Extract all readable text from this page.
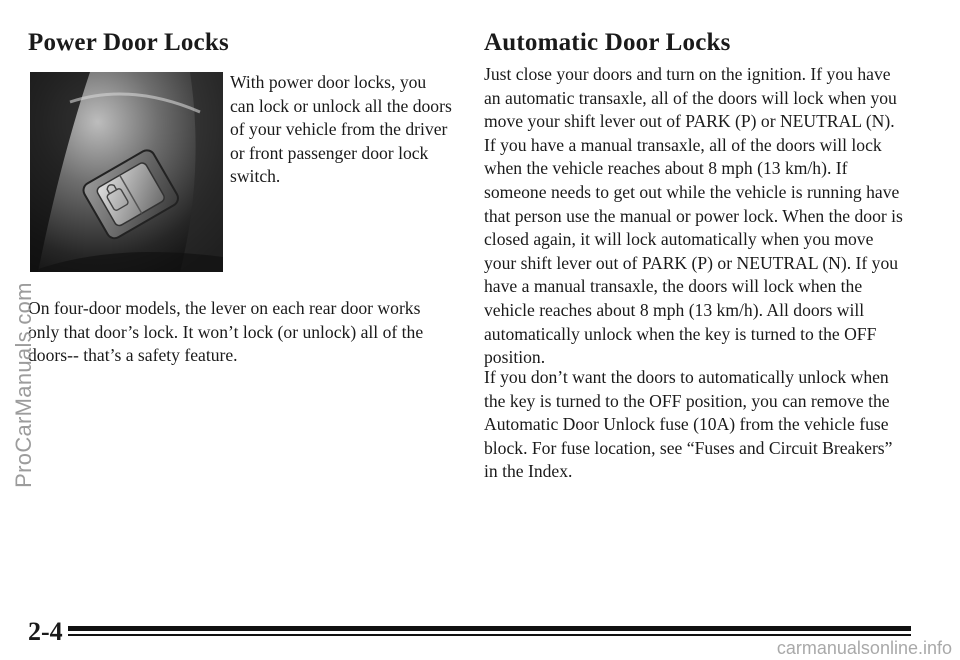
Power Door Locks

With power door locks, you can lock or unlock all the doors of your vehicle from the driver or front passenger door lock switch.

On four-door models, the lever on each rear door works only that door’s lock. It won’t lock (or unlock) all of the doors-- that’s a safety feature.

Automatic Door Locks

Just close your doors and turn on the ignition. If you have an automatic transaxle, all of the doors will lock when you move your shift lever out of PARK (P) or NEUTRAL (N). If you have a manual transaxle, all of the doors will lock when the vehicle reaches about 8 mph (13 km/h). If someone needs to get out while the vehicle is running have that person use the manual or power lock. When the door is closed again, it will lock automatically when you move your shift lever out of PARK (P) or NEUTRAL (N). If you have a manual transaxle, the doors will lock when the vehicle reaches about 8 mph (13 km/h). All doors will automatically unlock when the key is turned to the OFF position.

If you don’t want the doors to automatically unlock when the key is turned to the OFF position, you can remove the Automatic Door Unlock fuse (10A) from the vehicle fuse block. For fuse location, see “Fuses and Circuit Breakers” in the Index.

ProCarManuals.com
2-4
carmanualsonline.info
